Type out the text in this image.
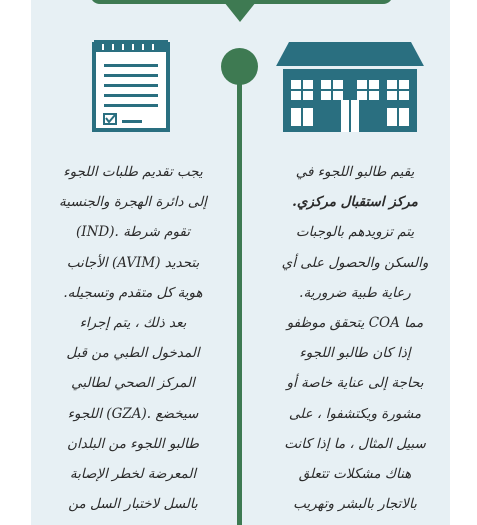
يقيم طالبو اللجوء في
مركز استقبال مركزي.
يتم تزويدهم بالوجبات
والسكن والحصول على أي
رعاية طبية ضرورية.
مما COA يتحقق موظفو
إذا كان طالبو اللجوء
بحاجة إلى عناية خاصة أو
مشورة ويكتشفوا ، على
سبيل المثال ، ما إذا كانت
هناك مشكلات تتعلق
بالاتجار بالبشر وتهريب
يجب تقديم طلبات اللجوء
إلى دائرة الهجرة والجنسية
تقوم شرطة .(IND)
بتحديد (AVIM) الأجانب
هوية كل متقدم وتسجيله.
بعد ذلك ، يتم إجراء
المدخول الطبي من قبل
المركز الصحي لطالبي
سيخضع .(GZA) اللجوء
طالبو اللجوء من البلدان
المعرضة لخطر الإصابة
بالسل لاختبار السل من
